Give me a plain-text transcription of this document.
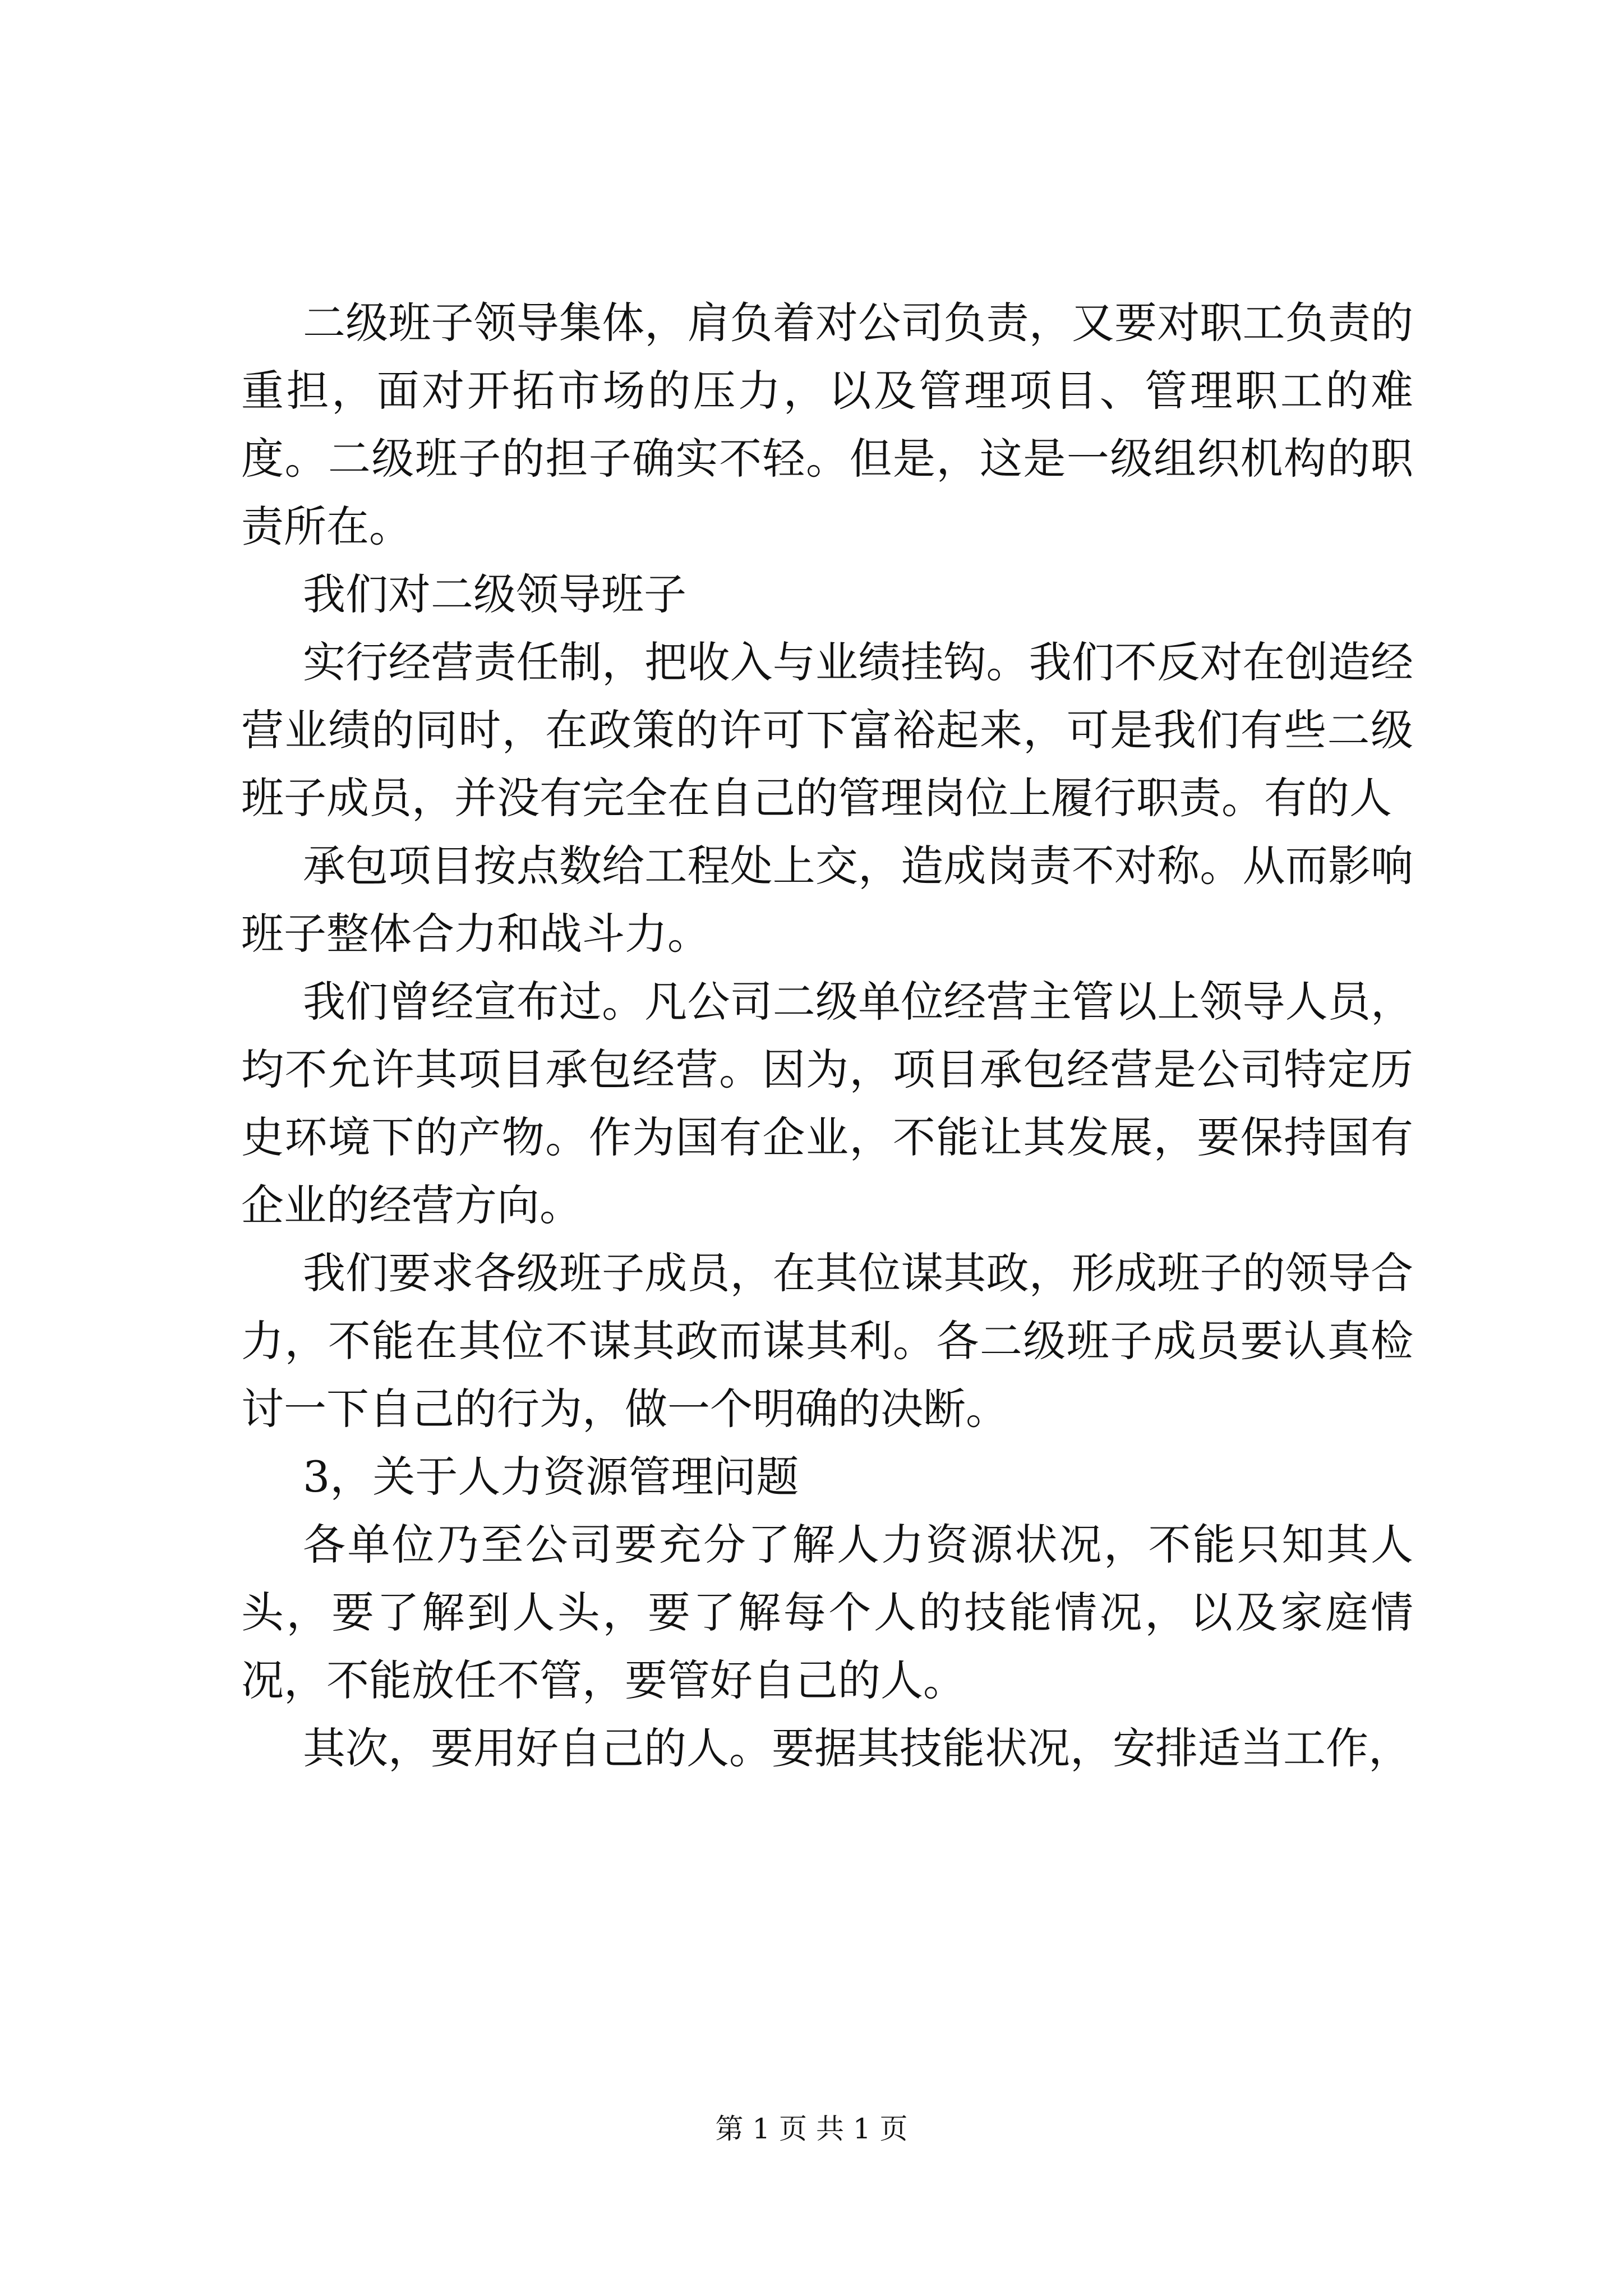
二级班子领导集体，肩负着对公司负责，又要对职工负责的重担，面对开拓市场的压力，以及管理项目、管理职工的难度。二级班子的担子确实不轻。但是，这是一级组织机构的职责所在。

我们对二级领导班子

实行经营责任制，把收入与业绩挂钩。我们不反对在创造经营业绩的同时，在政策的许可下富裕起来，可是我们有些二级班子成员，并没有完全在自己的管理岗位上履行职责。有的人

承包项目按点数给工程处上交，造成岗责不对称。从而影响班子整体合力和战斗力。

我们曾经宣布过。凡公司二级单位经营主管以上领导人员，均不允许其项目承包经营。因为，项目承包经营是公司特定历史环境下的产物。作为国有企业，不能让其发展，要保持国有企业的经营方向。

我们要求各级班子成员，在其位谋其政，形成班子的领导合力，不能在其位不谋其政而谋其利。各二级班子成员要认真检讨一下自己的行为，做一个明确的决断。

3，关于人力资源管理问题

各单位乃至公司要充分了解人力资源状况，不能只知其人头，要了解到人头，要了解每个人的技能情况，以及家庭情况，不能放任不管，要管好自己的人。

其次，要用好自己的人。要据其技能状况，安排适当工作，

第 1 页 共 1 页
